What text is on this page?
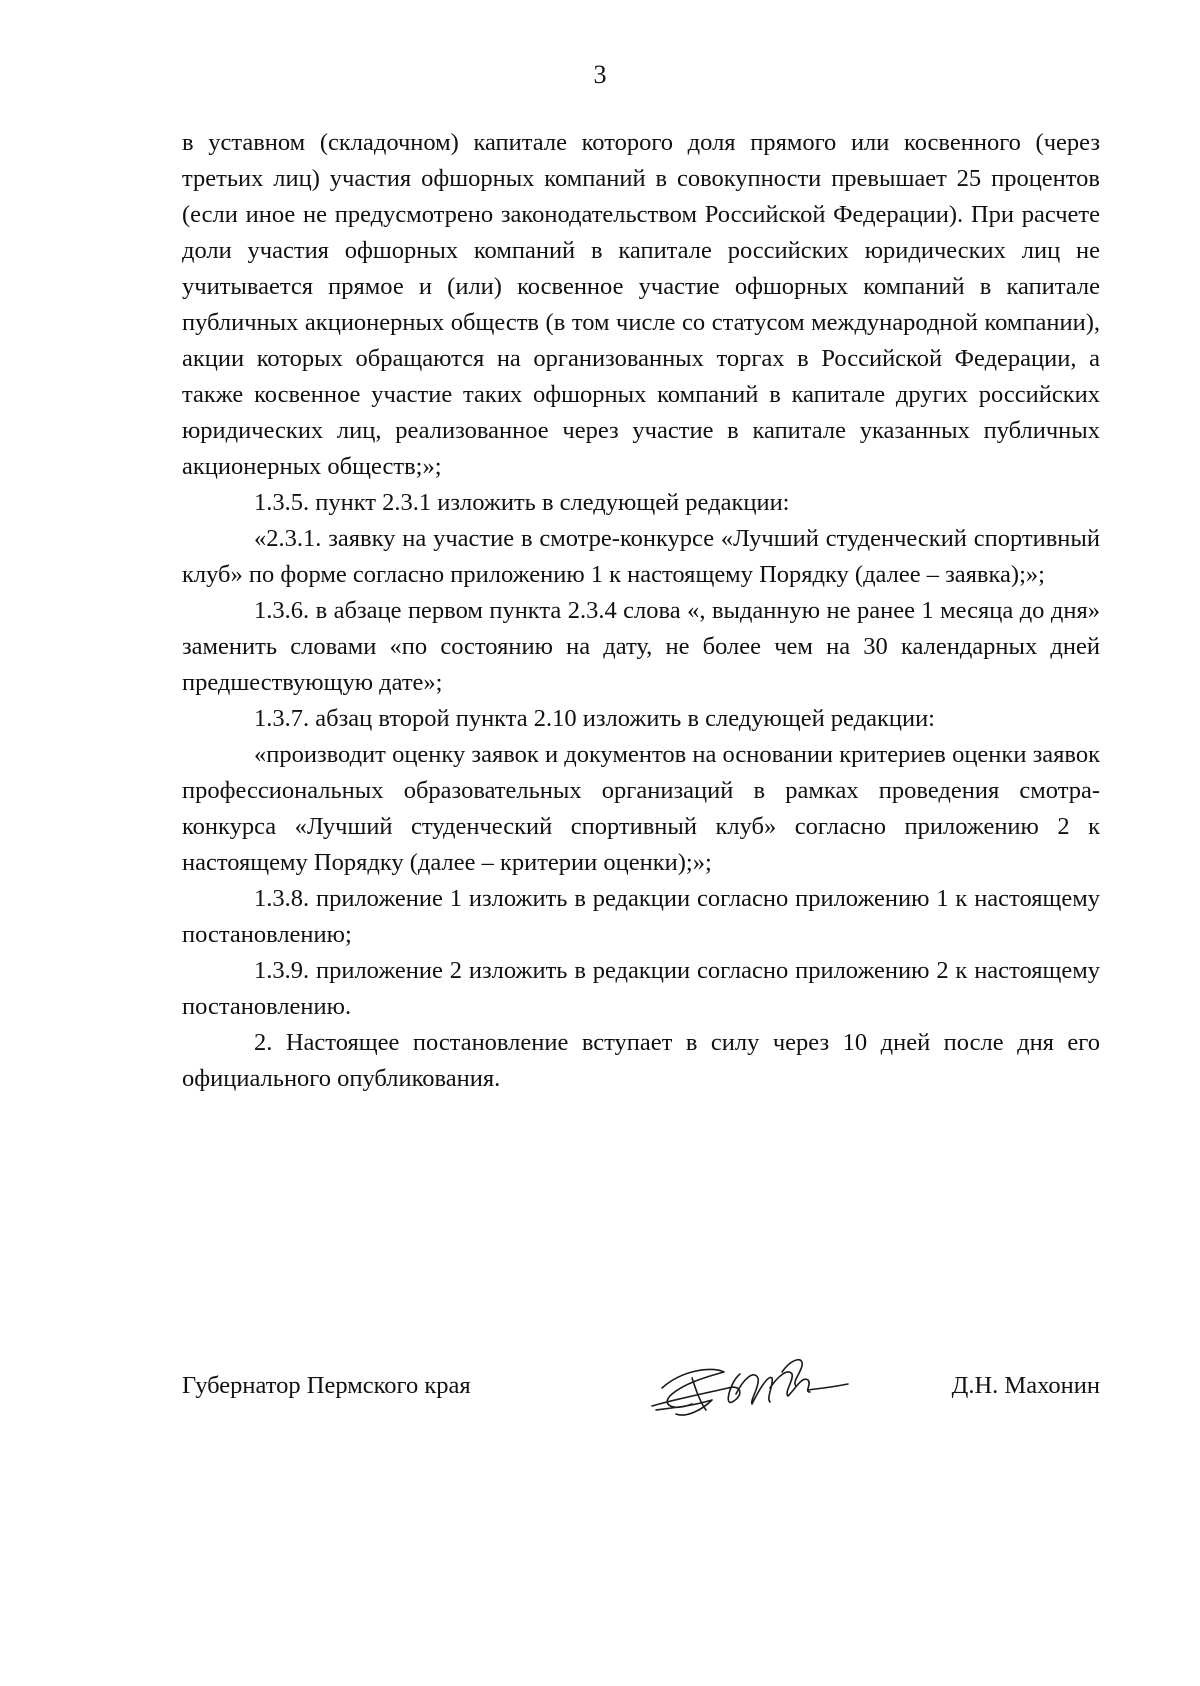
3

в уставном (складочном) капитале которого доля прямого или косвенного (через третьих лиц) участия офшорных компаний в совокупности превышает 25 процентов (если иное не предусмотрено законодательством Российской Федерации). При расчете доли участия офшорных компаний в капитале российских юридических лиц не учитывается прямое и (или) косвенное участие офшорных компаний в капитале публичных акционерных обществ (в том числе со статусом международной компании), акции которых обращаются на организованных торгах в Российской Федерации, а также косвенное участие таких офшорных компаний в капитале других российских юридических лиц, реализованное через участие в капитале указанных публичных акционерных обществ;»;

1.3.5. пункт 2.3.1 изложить в следующей редакции:

«2.3.1. заявку на участие в смотре-конкурсе «Лучший студенческий спортивный клуб» по форме согласно приложению 1 к настоящему Порядку (далее – заявка);»;

1.3.6. в абзаце первом пункта 2.3.4 слова «, выданную не ранее 1 месяца до дня» заменить словами «по состоянию на дату, не более чем на 30 календарных дней предшествующую дате»;

1.3.7. абзац второй пункта 2.10 изложить в следующей редакции:

«производит оценку заявок и документов на основании критериев оценки заявок профессиональных образовательных организаций в рамках проведения смотра-конкурса «Лучший студенческий спортивный клуб» согласно приложению 2 к настоящему Порядку (далее – критерии оценки);»;

1.3.8. приложение 1 изложить в редакции согласно приложению 1 к настоящему постановлению;

1.3.9. приложение 2 изложить в редакции согласно приложению 2 к настоящему постановлению.

2. Настоящее постановление вступает в силу через 10 дней после дня его официального опубликования.

Губернатор Пермского края	Д.Н. Махонин
